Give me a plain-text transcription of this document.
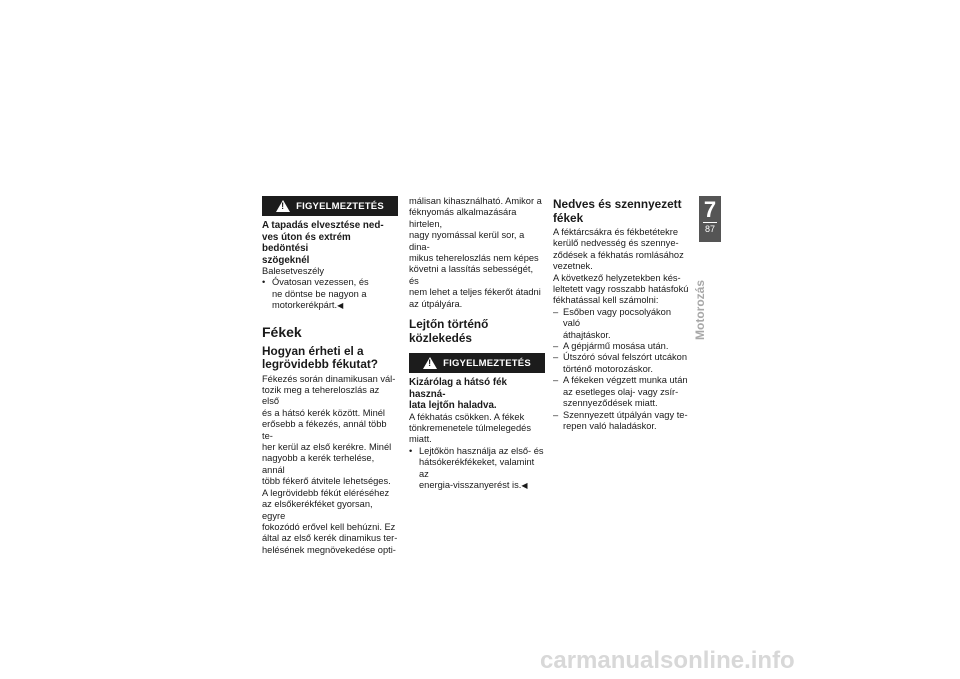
!
FIGYELMEZTETÉS
A tapadás elvesztése ned-
ves úton és extrém bedöntési
szögeknél
Balesetveszély
• Óvatosan vezessen, és
ne döntse be nagyon a
motorkerékpárt.◀
Fékek
Hogyan érheti el a
legrövidebb fékutat?
Fékezés során dinamikusan vál-
tozik meg a tehereloszlás az első
és a hátsó kerék között. Minél
erősebb a fékezés, annál több te-
her kerül az első kerékre. Minél
nagyobb a kerék terhelése, annál
több fékerő átvitele lehetséges.
A legrövidebb fékút eléréséhez
az elsőkerékféket gyorsan, egyre
fokozódó erővel kell behúzni. Ez
által az első kerék dinamikus ter-
helésének megnövekedése opti-
málisan kihasználható. Amikor a
féknyomás alkalmazására hirtelen,
nagy nyomással kerül sor, a dina-
mikus tehereloszlás nem képes
követni a lassítás sebességét, és
nem lehet a teljes fékerőt átadni
az útpályára.
Lejtőn történő közlekedés
!
FIGYELMEZTETÉS
Kizárólag a hátsó fék haszná-
lata lejtőn haladva.
A fékhatás csökken. A fékek
tönkremenetele túlmelegedés
miatt.
• Lejtőkön használja az első- és
hátsókerékfékeket, valamint az
energia-visszanyerést is.◀
Nedves és szennyezett
fékek
A féktárcsákra és fékbetétekre
kerülő nedvesség és szennye-
ződések a fékhatás romlásához
vezetnek.
A következő helyzetekben kés-
leltetett vagy rosszabb hatásfokú
fékhatással kell számolni:
– Esőben vagy pocsolyákon való
áthajtáskor.
– A gépjármű mosása után.
– Útszóró sóval felszórt utcákon
történő motorozáskor.
– A fékeken végzett munka után
az esetleges olaj- vagy zsír-
szennyeződések miatt.
– Szennyezett útpályán vagy te-
repen való haladáskor.
7
87
Motorozás
carmanualsonline.info
